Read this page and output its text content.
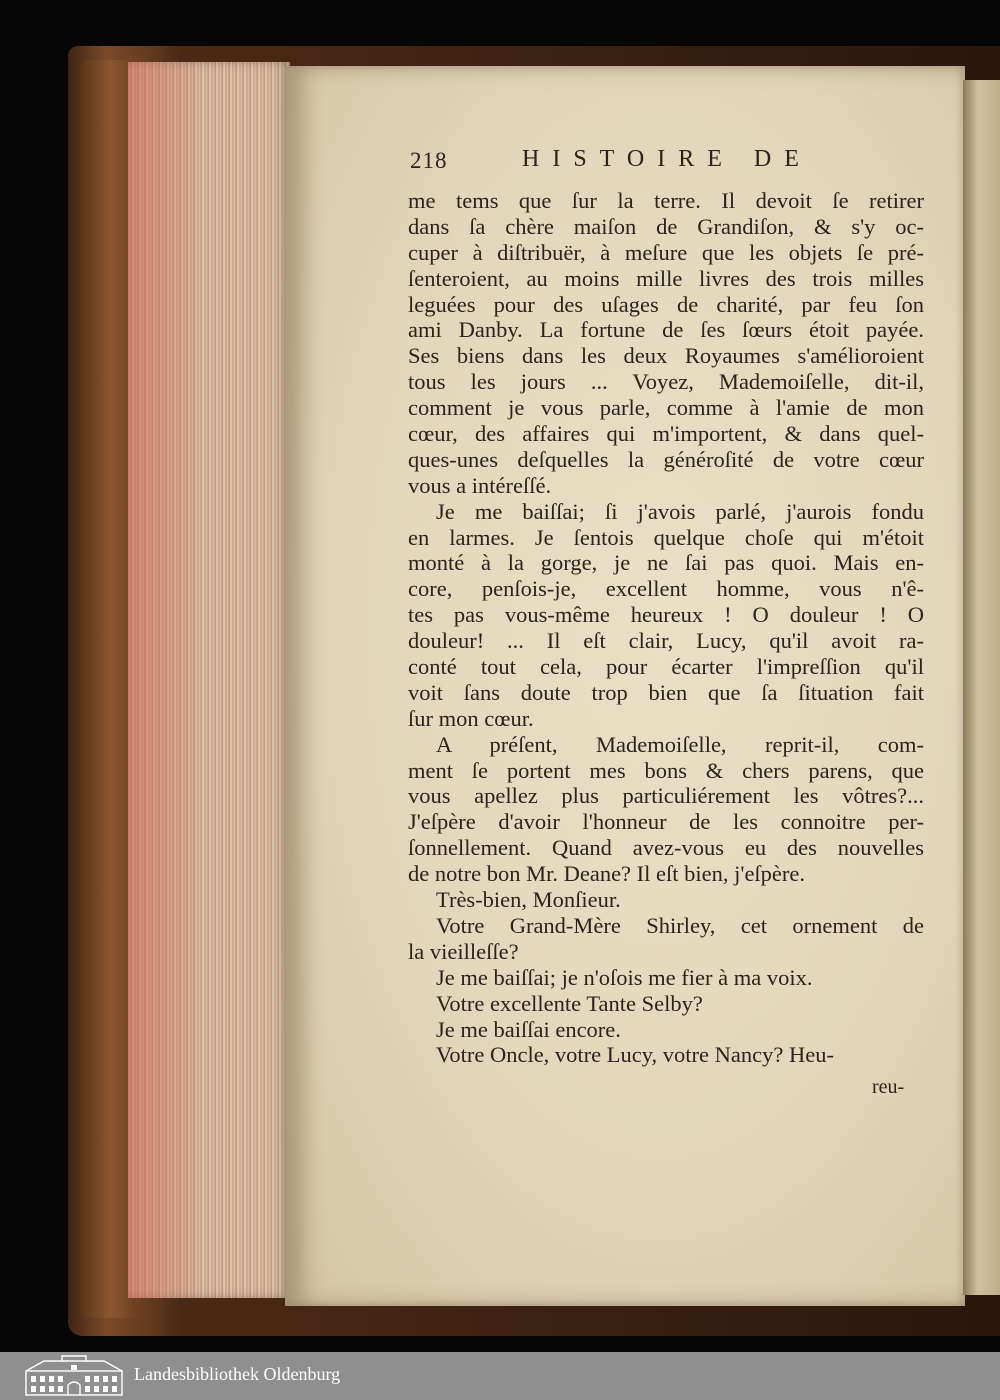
218	HISTOIRE DE
me tems que ſur la terre. Il devoit ſe retirer
dans ſa chère maiſon de Grandiſon, & s'y oc-
cuper à diſtribuër, à meſure que les objets ſe pré-
ſenteroient, au moins mille livres des trois milles
leguées pour des uſages de charité, par feu ſon
ami Danby. La fortune de ſes ſœurs étoit payée.
Ses biens dans les deux Royaumes s'amélioroient
tous les jours ... Voyez, Mademoiſelle, dit-il,
comment je vous parle, comme à l'amie de mon
cœur, des affaires qui m'importent, & dans quel-
ques-unes deſquelles la généroſité de votre cœur
vous a intéreſſé.
Je me baiſſai; ſi j'avois parlé, j'aurois fondu
en larmes. Je ſentois quelque choſe qui m'étoit
monté à la gorge, je ne ſai pas quoi. Mais en-
core, penſois-je, excellent homme, vous n'ê-
tes pas vous-même heureux ! O douleur ! O
douleur! ... Il eſt clair, Lucy, qu'il avoit ra-
conté tout cela, pour écarter l'impreſſion qu'il
voit ſans doute trop bien que ſa ſituation fait
ſur mon cœur.
A préſent, Mademoiſelle, reprit-il, com-
ment ſe portent mes bons & chers parens, que
vous apellez plus particuliérement les vôtres?...
J'eſpère d'avoir l'honneur de les connoitre per-
ſonnellement. Quand avez-vous eu des nouvelles
de notre bon Mr. Deane? Il eſt bien, j'eſpère.
Très-bien, Monſieur.
Votre Grand-Mère Shirley, cet ornement de
la vieilleſſe?
Je me baiſſai; je n'oſois me fier à ma voix.
Votre excellente Tante Selby?
Je me baiſſai encore.
Votre Oncle, votre Lucy, votre Nancy? Heu-
reu-
Landesbibliothek Oldenburg
